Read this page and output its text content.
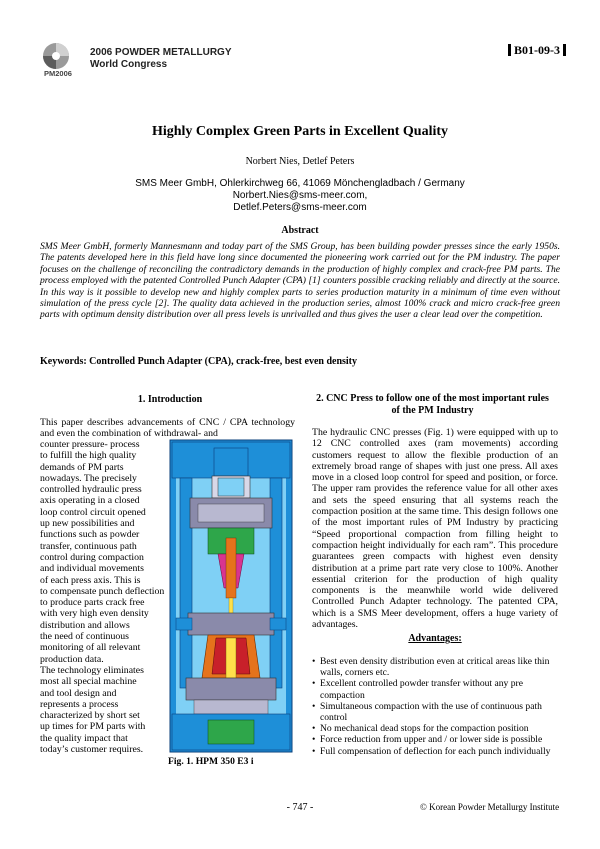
PM2006
2006 POWDER METALLURGY
World Congress
B01-09-3
Highly Complex Green Parts in Excellent Quality
Norbert Nies, Detlef Peters
SMS Meer GmbH, Ohlerkirchweg 66, 41069 Mönchengladbach / Germany
Norbert.Nies@sms-meer.com,
Detlef.Peters@sms-meer.com
Abstract
SMS Meer GmbH, formerly Mannesmann and today part of the SMS Group, has been building powder presses since the early 1950s. The patents developed here in this field have long since documented the pioneering work carried out for the PM industry. The paper focuses on the challenge of reconciling the contradictory demands in the production of highly complex and crack-free PM parts. The process employed with the patented Controlled Punch Adapter (CPA) [1] counters possible cracking reliably and directly at the source. In this way is it possible to develop new and highly complex parts to series production maturity in a minimum of time even without simulation of the press cycle [2]. The quality data achieved in the production series, almost 100% crack and micro crack-free green parts with optimum density distribution over all press levels is unrivalled and thus gives the user a clear lead over the competition.
Keywords: Controlled Punch Adapter (CPA), crack-free, best even density
1. Introduction
This paper describes advancements of CNC / CPA technology and even the combination of withdrawal- and
counter pressure- process
to fulfill the high quality
demands of PM parts
nowadays. The precisely
controlled hydraulic press
axis operating in a closed
loop control circuit opened
up new possibilities and
functions such as powder
transfer, continuous path
control during compaction
and individual movements
of each press axis. This is
to compensate punch deflection
to produce parts crack free
with very high even density
distribution and allows
the need of continuous
monitoring of all relevant
production data.
The technology eliminates
most all special machine
and tool design and
represents a process
characterized by short set
up times for PM parts with
the quality impact that
today’s customer requires.
Fig. 1. HPM 350 E3 i
2. CNC Press to follow one of the most important rules
of the PM Industry
The hydraulic CNC presses (Fig. 1) were equipped with up to 12 CNC controlled axes (ram movements) according customers request to allow the flexible production of an extremely broad range of shapes with just one press. All axes move in a closed loop control for speed and position, or force. The upper ram provides the reference value for all other axes and sets the speed ensuring that all systems reach the compaction position at the same time. This design follows one of the most important rules of PM Industry by practicing “Speed proportional compaction from filling height to compaction height individually for each ram”. This procedure guarantees green compacts with highest even density distribution at a prime part rate very close to 100%. Another essential criterion for the production of high quality components is the meanwhile world wide delivered Controlled Punch Adapter technology. The patented CPA, which is a SMS Meer development, offers a huge variety of advantages.
Advantages:
• Best even density distribution even at critical areas like thin walls, corners etc.
• Excellent controlled powder transfer without any pre compaction
• Simultaneous compaction with the use of continuous path control
• No mechanical dead stops for the compaction position
• Force reduction from upper and / or lower side is possible
• Full compensation of deflection for each punch individually
- 747 -	© Korean Powder Metallurgy Institute
